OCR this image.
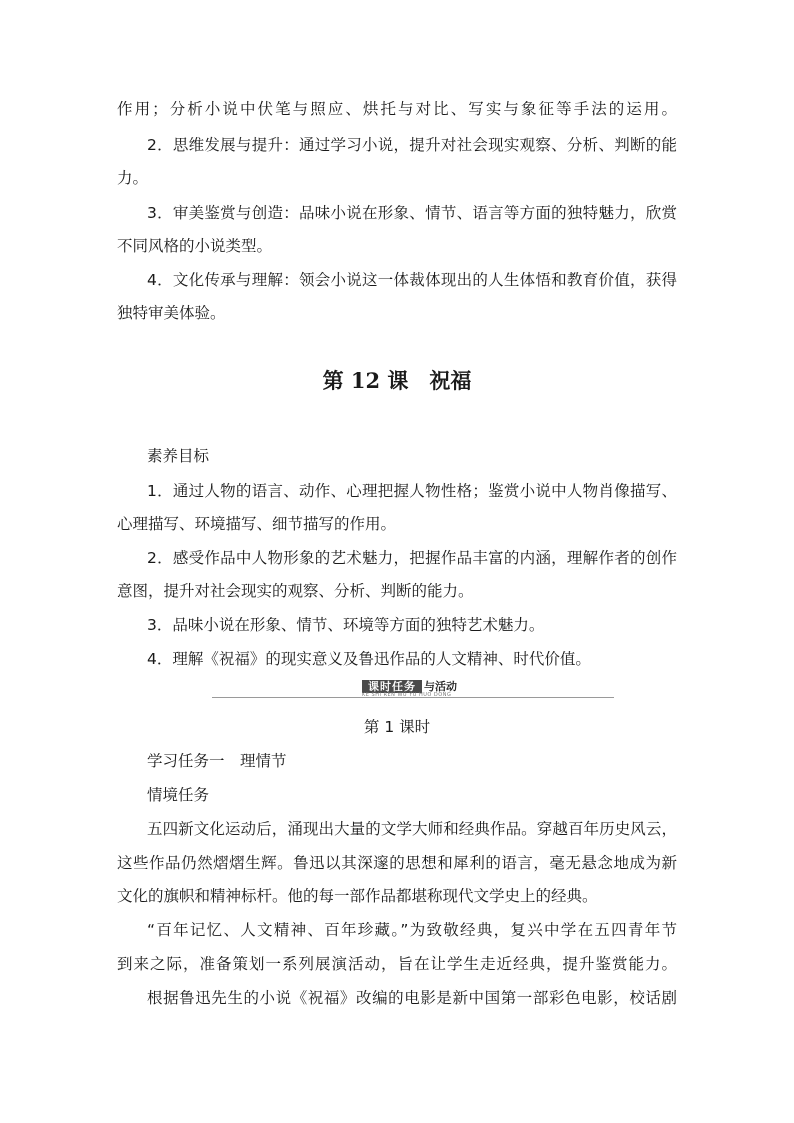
作用；分析小说中伏笔与照应、烘托与对比、写实与象征等手法的运用。
2．思维发展与提升：通过学习小说，提升对社会现实观察、分析、判断的能
力。
3．审美鉴赏与创造：品味小说在形象、情节、语言等方面的独特魅力，欣赏
不同风格的小说类型。
4．文化传承与理解：领会小说这一体裁体现出的人生体悟和教育价值，获得
独特审美体验。
第 12 课　祝福
素养目标
1．通过人物的语言、动作、心理把握人物性格；鉴赏小说中人物肖像描写、
心理描写、环境描写、细节描写的作用。
2．感受作品中人物形象的艺术魅力，把握作品丰富的内涵，理解作者的创作
意图，提升对社会现实的观察、分析、判断的能力。
3．品味小说在形象、情节、环境等方面的独特艺术魅力。
4．理解《祝福》的现实意义及鲁迅作品的人文精神、时代价值。
课时任务 与活动
KE SHI REN WU YU HUO DONG
第 1 课时
学习任务一　理情节
情境任务
五四新文化运动后，涌现出大量的文学大师和经典作品。穿越百年历史风云，
这些作品仍然熠熠生辉。鲁迅以其深邃的思想和犀利的语言，毫无悬念地成为新
文化的旗帜和精神标杆。他的每一部作品都堪称现代文学史上的经典。
“百年记忆、人文精神、百年珍藏。”为致敬经典，复兴中学在五四青年节
到来之际，准备策划一系列展演活动，旨在让学生走近经典，提升鉴赏能力。
根据鲁迅先生的小说《祝福》改编的电影是新中国第一部彩色电影，校话剧
